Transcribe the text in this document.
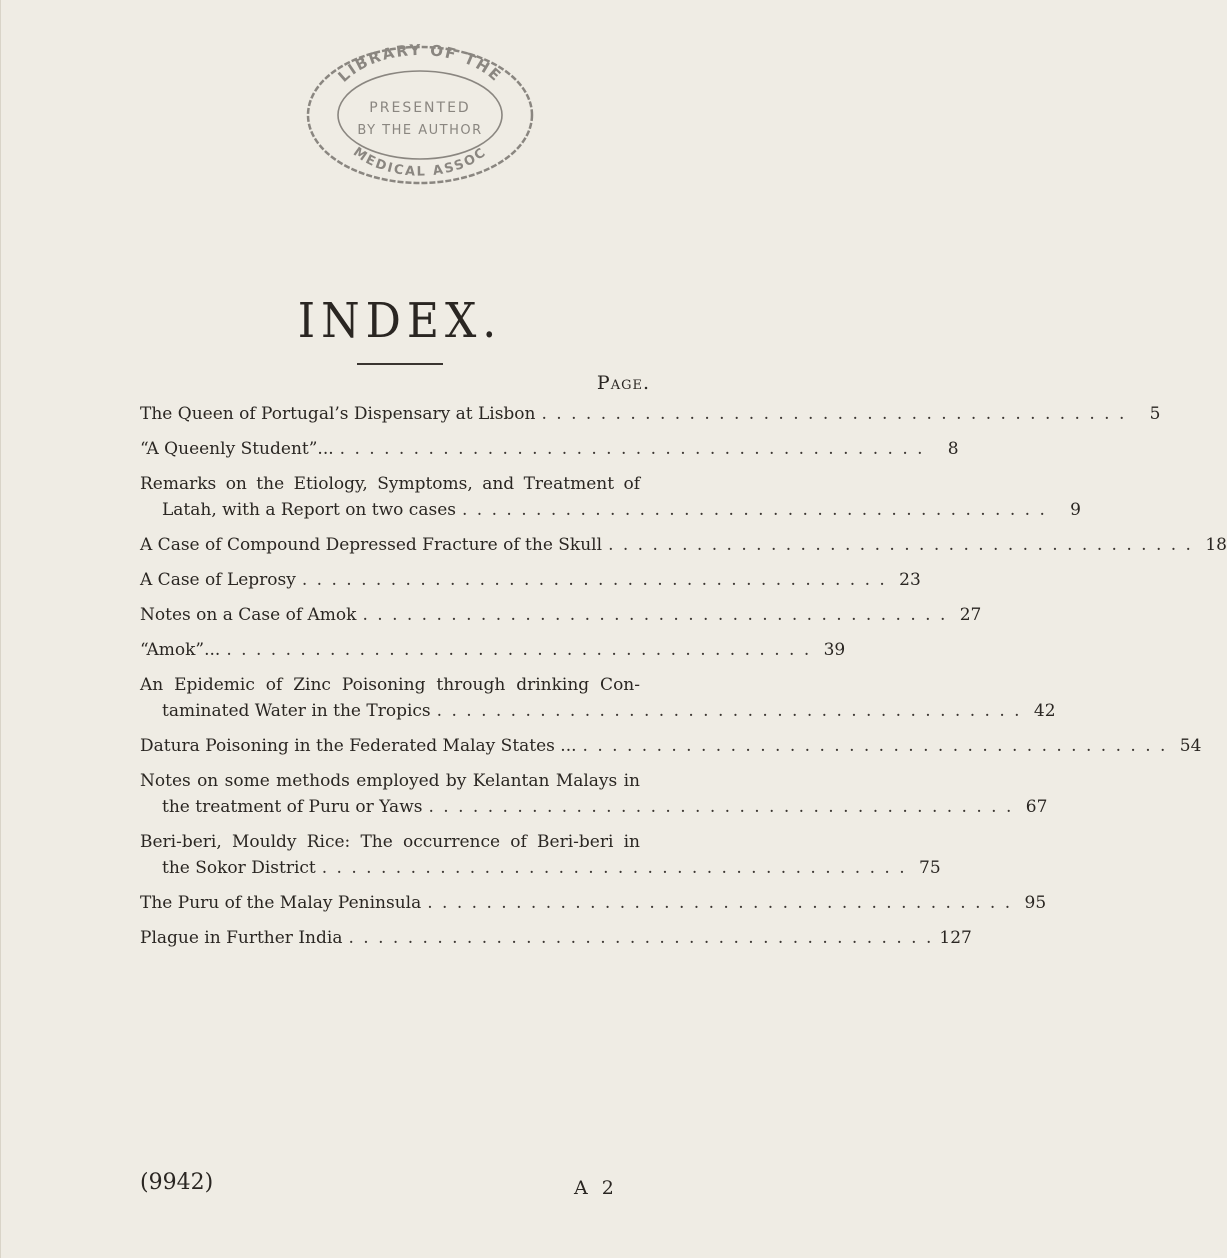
LIBRARY OF THE
PRESENTED
BY THE AUTHOR
MEDICAL ASSOC
INDEX.
Page.
The Queen of Portugal’s Dispensary at Lisbon . . . . . . . . . . . . . . . . . . . . . . . . . . . . . . . . . . . . . . . .	5
“A Queenly Student”... . . . . . . . . . . . . . . . . . . . . . . . . . . . . . . . . . . . . . . . .	8
Remarks on the Etiology, Symptoms, and Treatment of
Latah, with a Report on two cases . . . . . . . . . . . . . . . . . . . . . . . . . . . . . . . . . . . . . . . .	9
A Case of Compound Depressed Fracture of the Skull . . . . . . . . . . . . . . . . . . . . . . . . . . . . . . . . . . . . . . . . 18
A Case of Leprosy . . . . . . . . . . . . . . . . . . . . . . . . . . . . . . . . . . . . . . . . 23
Notes on a Case of Amok . . . . . . . . . . . . . . . . . . . . . . . . . . . . . . . . . . . . . . . . 27
“Amok”... . . . . . . . . . . . . . . . . . . . . . . . . . . . . . . . . . . . . . . . . 39
An Epidemic of Zinc Poisoning through drinking Con-
taminated Water in the Tropics . . . . . . . . . . . . . . . . . . . . . . . . . . . . . . . . . . . . . . . . 42
Datura Poisoning in the Federated Malay States ... . . . . . . . . . . . . . . . . . . . . . . . . . . . . . . . . . . . . . . . . 54
Notes on some methods employed by Kelantan Malays in
the treatment of Puru or Yaws . . . . . . . . . . . . . . . . . . . . . . . . . . . . . . . . . . . . . . . . 67
Beri-beri, Mouldy Rice: The occurrence of Beri-beri in
the Sokor District . . . . . . . . . . . . . . . . . . . . . . . . . . . . . . . . . . . . . . . . 75
The Puru of the Malay Peninsula . . . . . . . . . . . . . . . . . . . . . . . . . . . . . . . . . . . . . . . . 95
Plague in Further India . . . . . . . . . . . . . . . . . . . . . . . . . . . . . . . . . . . . . . . . 127
(9942)	A 2
